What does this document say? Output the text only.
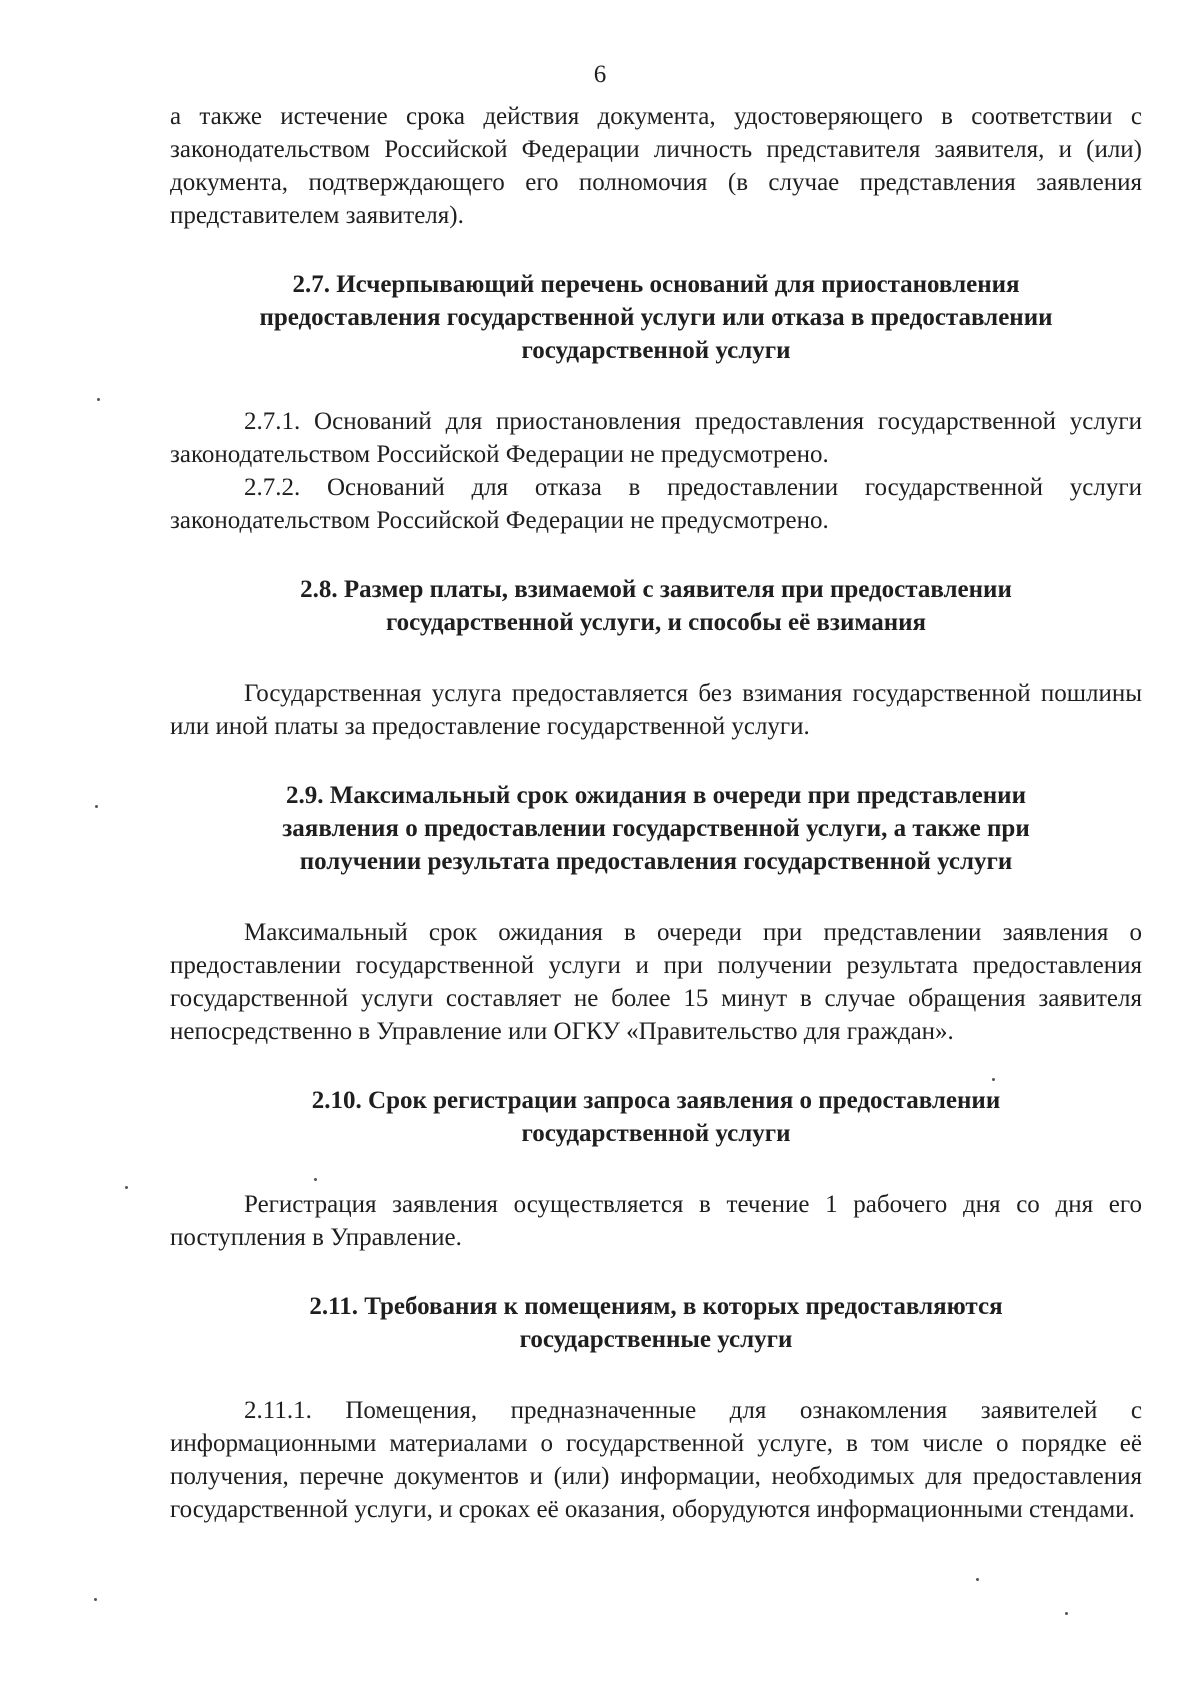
6

а также истечение срока действия документа, удостоверяющего в соответствии с законодательством Российской Федерации личность представителя заявителя, и (или) документа, подтверждающего его полномочия (в случае представления заявления представителем заявителя).

2.7. Исчерпывающий перечень оснований для приостановления
предоставления государственной услуги или отказа в предоставлении
государственной услуги

2.7.1. Оснований для приостановления предоставления государственной услуги законодательством Российской Федерации не предусмотрено.

2.7.2. Оснований для отказа в предоставлении государственной услуги законодательством Российской Федерации не предусмотрено.

2.8. Размер платы, взимаемой с заявителя при предоставлении
государственной услуги, и способы её взимания

Государственная услуга предоставляется без взимания государственной пошлины или иной платы за предоставление государственной услуги.

2.9. Максимальный срок ожидания в очереди при представлении
заявления о предоставлении государственной услуги, а также при
получении результата предоставления государственной услуги

Максимальный срок ожидания в очереди при представлении заявления о предоставлении государственной услуги и при получении результата предоставления государственной услуги составляет не более 15 минут в случае обращения заявителя непосредственно в Управление или ОГКУ «Правительство для граждан».

2.10. Срок регистрации запроса заявления о предоставлении
государственной услуги

Регистрация заявления осуществляется в течение 1 рабочего дня со дня его поступления в Управление.

2.11. Требования к помещениям, в которых предоставляются
государственные услуги

2.11.1. Помещения, предназначенные для ознакомления заявителей с информационными материалами о государственной услуге, в том числе о порядке её получения, перечне документов и (или) информации, необходимых для предоставления государственной услуги, и сроках её оказания, оборудуются информационными стендами.
